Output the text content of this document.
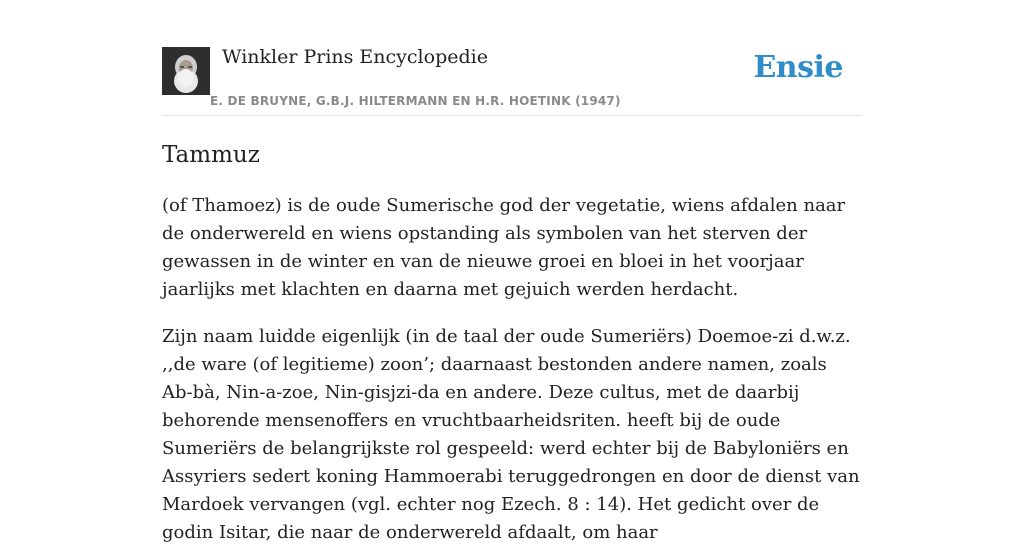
Winkler Prins Encyclopedie
E. DE BRUYNE, G.B.J. HILTERMANN EN H.R. HOETINK (1947)
Ensie
Tammuz

(of Thamoez) is de oude Sumerische god der vegetatie, wiens afdalen naar de onderwereld en wiens opstanding als symbolen van het sterven der gewassen in de winter en van de nieuwe groei en bloei in het voorjaar jaarlijks met klachten en daarna met gejuich werden herdacht.

Zijn naam luidde eigenlijk (in de taal der oude Sumeriërs) Doemoe-zi d.w.z. ,,de ware (of legitieme) zoon’; daarnaast bestonden andere namen, zoals Ab-bà, Nin-a-zoe, Nin-gisjzi-da en andere. Deze cultus, met de daarbij behorende mensenoffers en vruchtbaarheidsriten. heeft bij de oude Sumeriërs de belangrijkste rol gespeeld: werd echter bij de Babyloniërs en Assyriers sedert koning Hammoerabi teruggedrongen en door de dienst van Mardoek vervangen (vgl. echter nog Ezech. 8 : 14). Het gedicht over de godin Isitar, die naar de onderwereld afdaalt, om haar
